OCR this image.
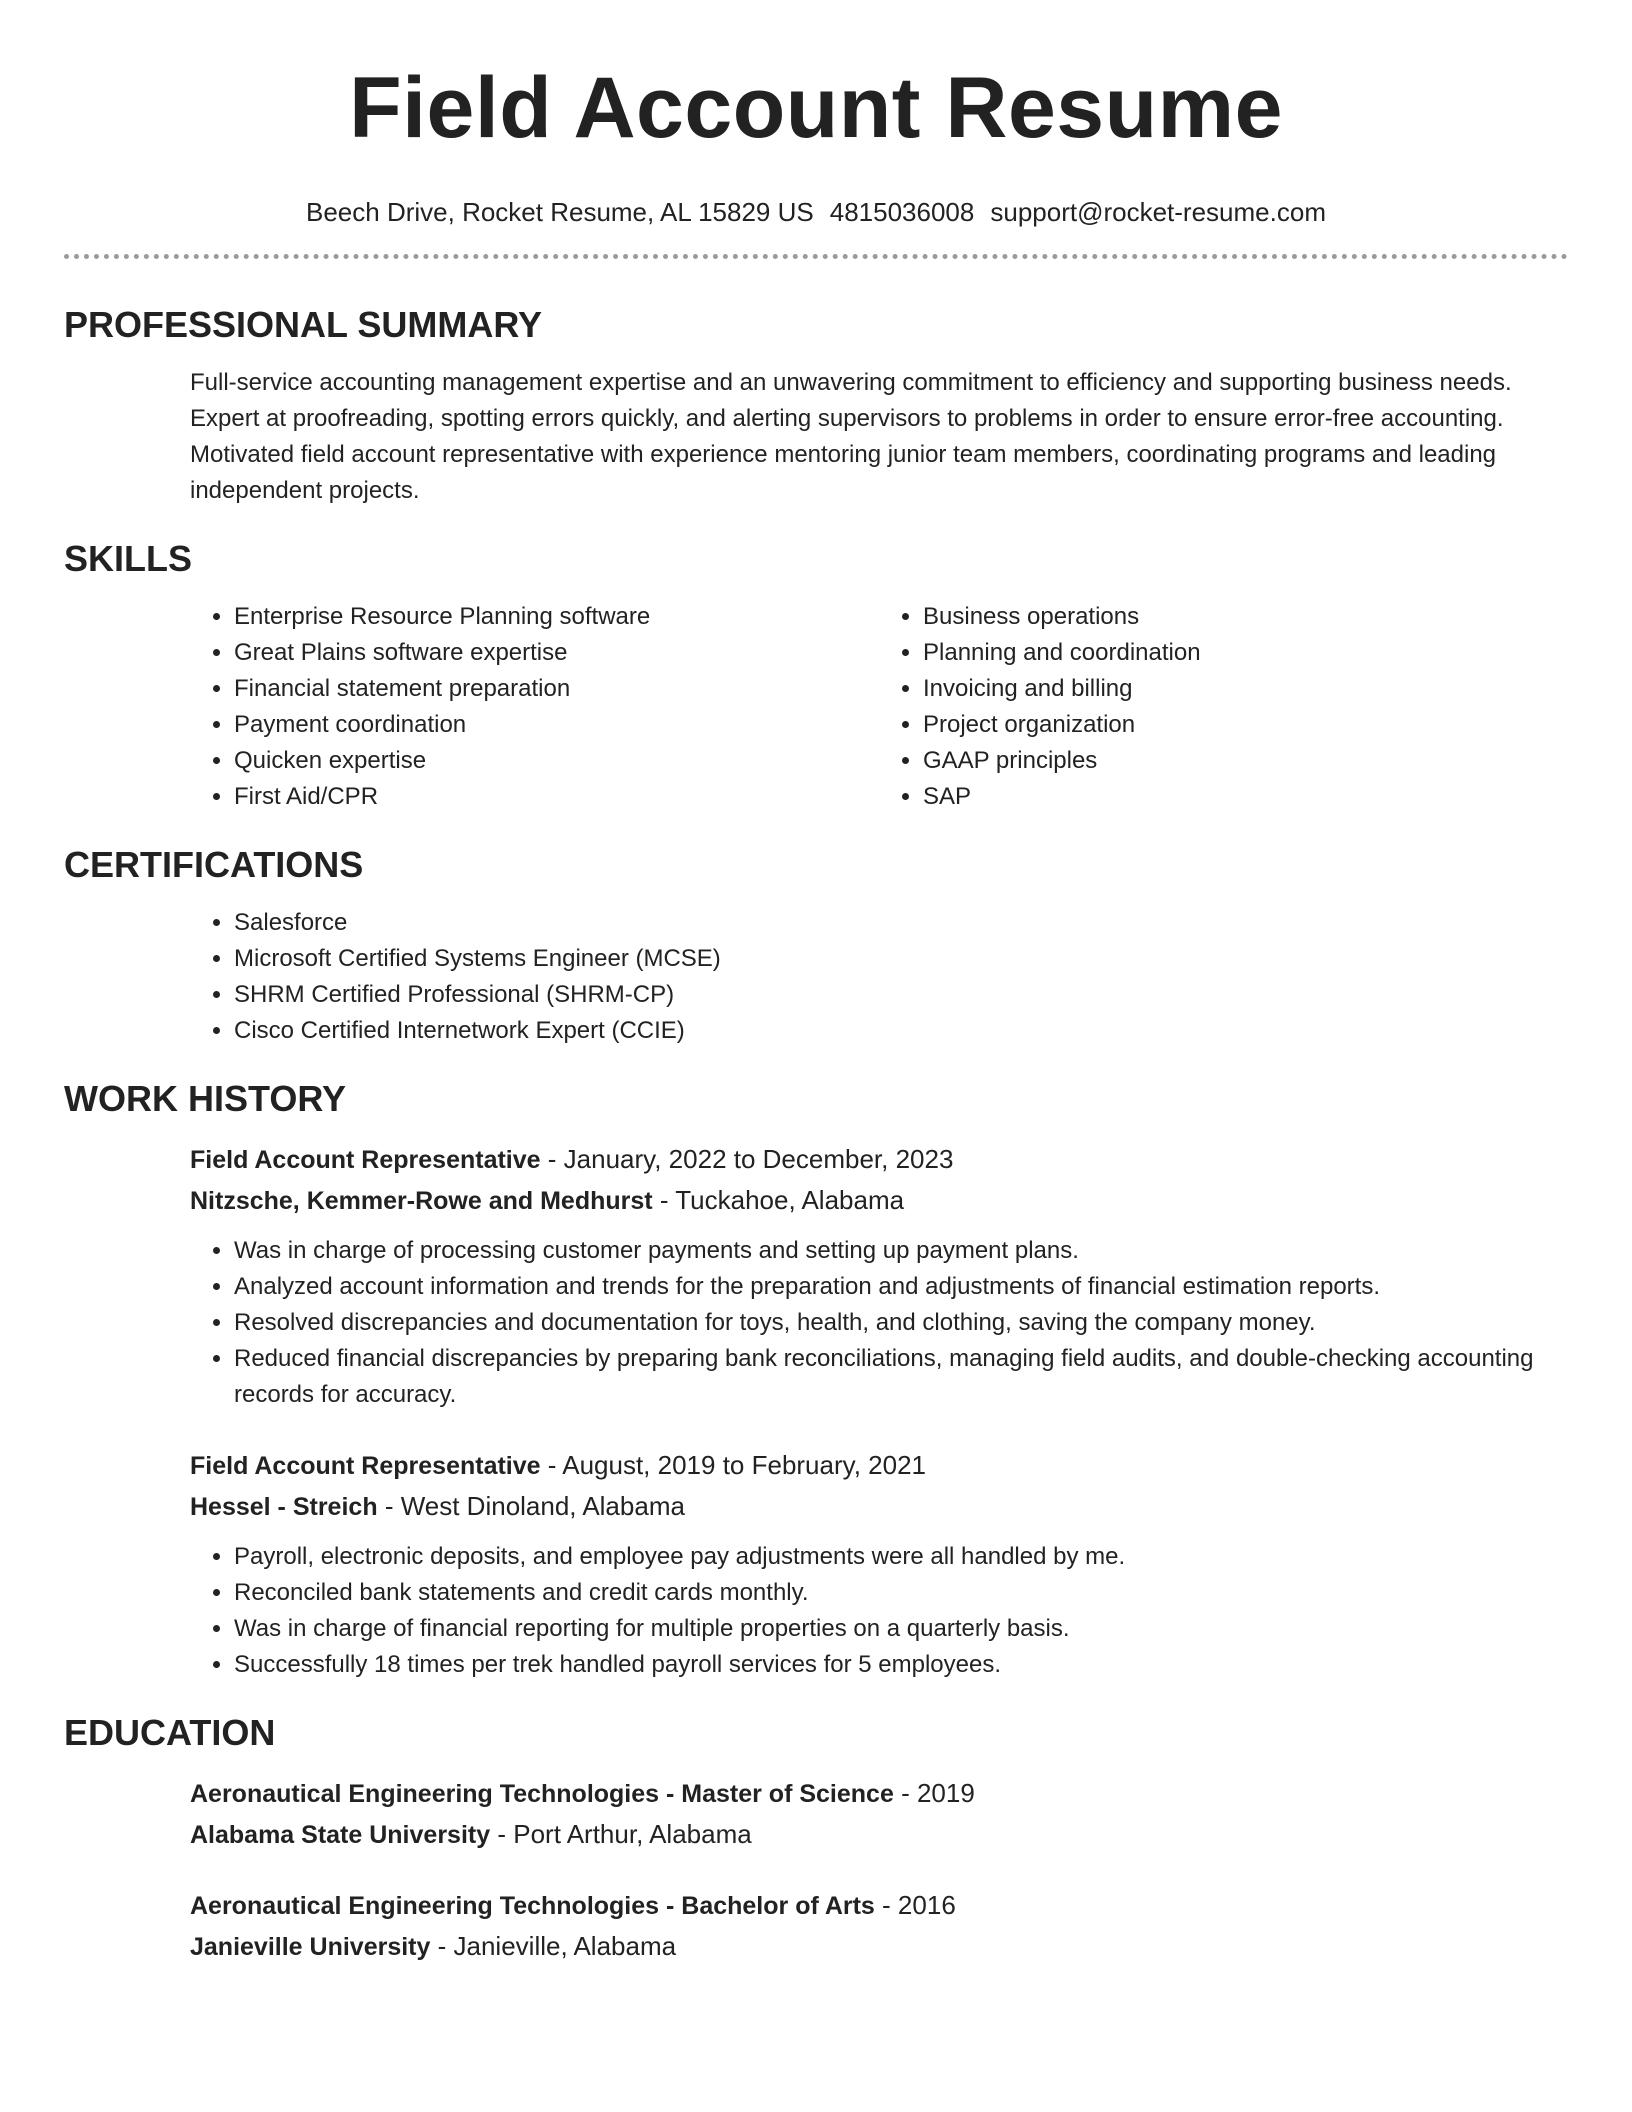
Field Account Resume
Beech Drive, Rocket Resume, AL 15829 US 4815036008 support@rocket-resume.com
PROFESSIONAL SUMMARY

Full-service accounting management expertise and an unwavering commitment to efficiency and supporting business needs. Expert at proofreading, spotting errors quickly, and alerting supervisors to problems in order to ensure error-free accounting. Motivated field account representative with experience mentoring junior team members, coordinating programs and leading independent projects.

SKILLS
• Enterprise Resource Planning software
• Great Plains software expertise
• Financial statement preparation
• Payment coordination
• Quicken expertise
• First Aid/CPR
• Business operations
• Planning and coordination
• Invoicing and billing
• Project organization
• GAAP principles
• SAP
CERTIFICATIONS
• Salesforce
• Microsoft Certified Systems Engineer (MCSE)
• SHRM Certified Professional (SHRM-CP)
• Cisco Certified Internetwork Expert (CCIE)
WORK HISTORY
Field Account Representative - January, 2022 to December, 2023
Nitzsche, Kemmer-Rowe and Medhurst - Tuckahoe, Alabama
• Was in charge of processing customer payments and setting up payment plans.
• Analyzed account information and trends for the preparation and adjustments of financial estimation reports.
• Resolved discrepancies and documentation for toys, health, and clothing, saving the company money.
• Reduced financial discrepancies by preparing bank reconciliations, managing field audits, and double-checking accounting records for accuracy.
Field Account Representative - August, 2019 to February, 2021
Hessel - Streich - West Dinoland, Alabama
• Payroll, electronic deposits, and employee pay adjustments were all handled by me.
• Reconciled bank statements and credit cards monthly.
• Was in charge of financial reporting for multiple properties on a quarterly basis.
• Successfully 18 times per trek handled payroll services for 5 employees.
EDUCATION
Aeronautical Engineering Technologies - Master of Science - 2019
Alabama State University - Port Arthur, Alabama
Aeronautical Engineering Technologies - Bachelor of Arts - 2016
Janieville University - Janieville, Alabama
